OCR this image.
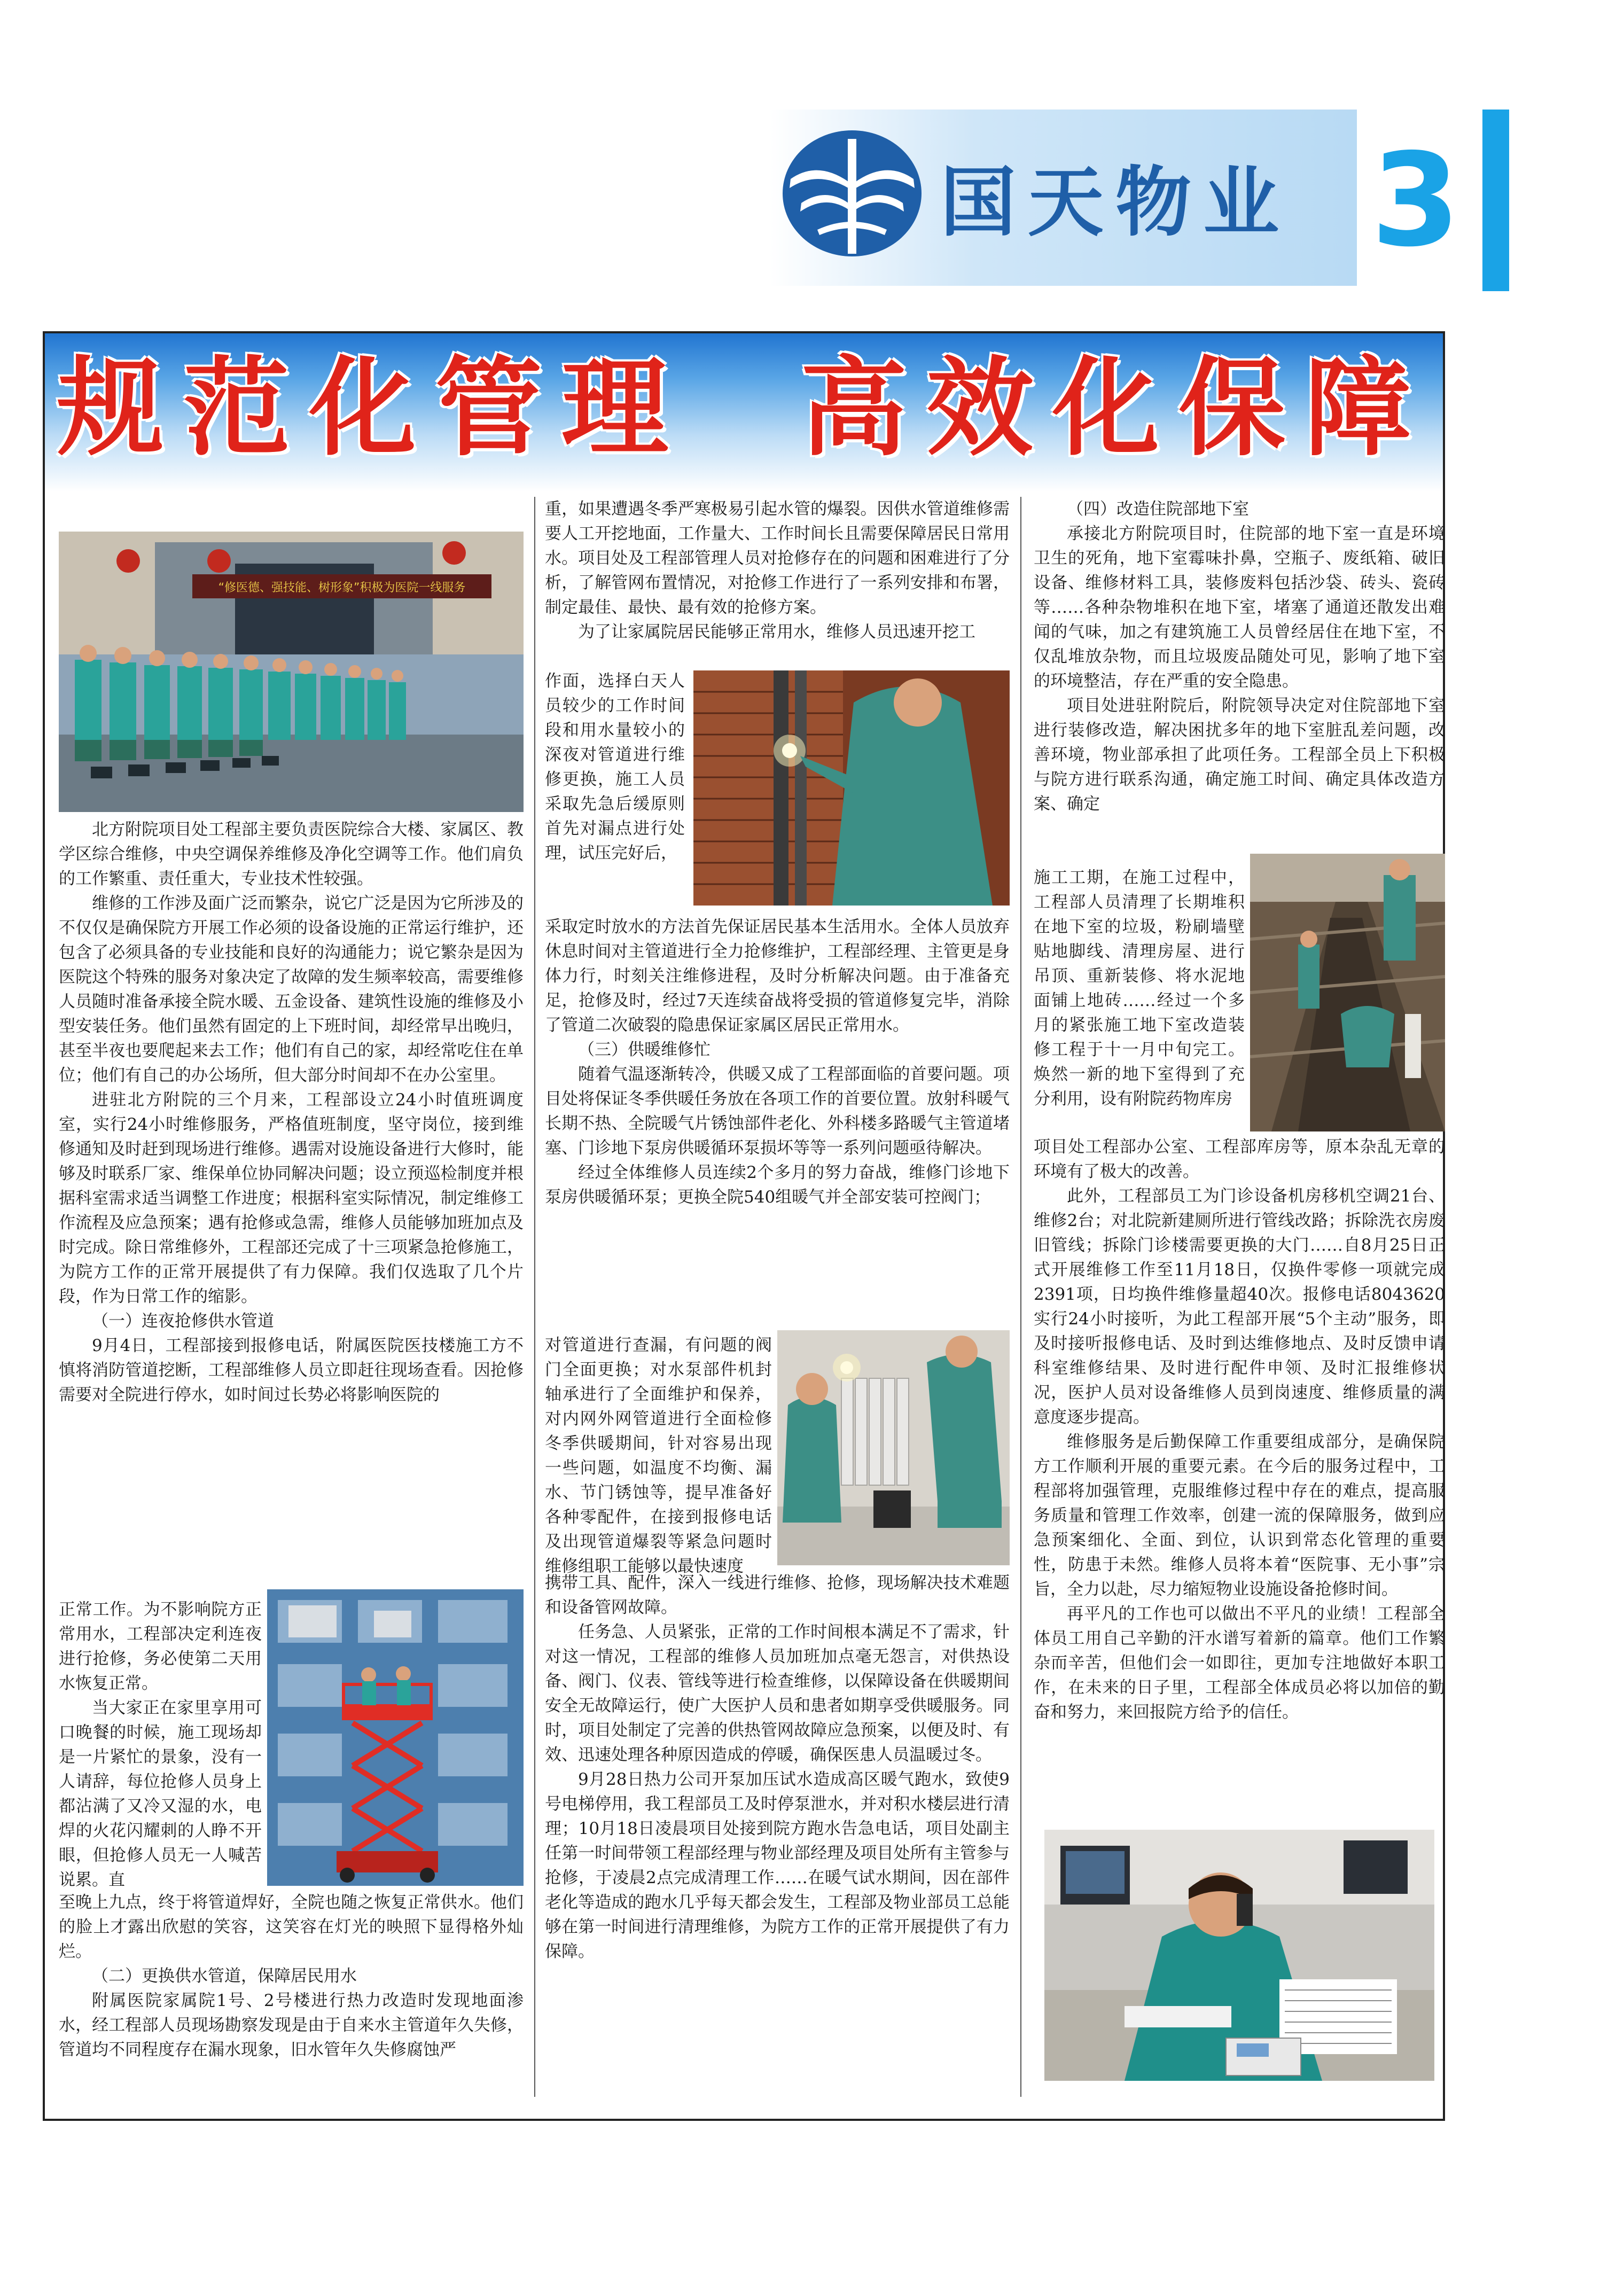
国天物业 3
规范化管理  高效化保障
“修医德、强技能、树形象”积极为医院一线服务

北方附院项目处工程部主要负责医院综合大楼、家属区、教学区综合维修，中央空调保养维修及净化空调等工作。他们肩负的工作繁重、责任重大，专业技术性较强。

维修的工作涉及面广泛而繁杂，说它广泛是因为它所涉及的不仅仅是确保院方开展工作必须的设备设施的正常运行维护，还包含了必须具备的专业技能和良好的沟通能力；说它繁杂是因为医院这个特殊的服务对象决定了故障的发生频率较高，需要维修人员随时准备承接全院水暖、五金设备、建筑性设施的维修及小型安装任务。他们虽然有固定的上下班时间，却经常早出晚归，甚至半夜也要爬起来去工作；他们有自己的家，却经常吃住在单位；他们有自己的办公场所，但大部分时间却不在办公室里。

进驻北方附院的三个月来，工程部设立24小时值班调度室，实行24小时维修服务，严格值班制度，坚守岗位，接到维修通知及时赶到现场进行维修。遇需对设施设备进行大修时，能够及时联系厂家、维保单位协同解决问题；设立预巡检制度并根据科室需求适当调整工作进度；根据科室实际情况，制定维修工作流程及应急预案；遇有抢修或急需，维修人员能够加班加点及时完成。除日常维修外，工程部还完成了十三项紧急抢修施工，为院方工作的正常开展提供了有力保障。我们仅选取了几个片段，作为日常工作的缩影。

（一）连夜抢修供水管道

9月4日，工程部接到报修电话，附属医院医技楼施工方不慎将消防管道挖断，工程部维修人员立即赶往现场查看。因抢修需要对全院进行停水，如时间过长势必将影响医院的

正常工作。为不影响院方正常用水，工程部决定利连夜进行抢修，务必使第二天用水恢复正常。

当大家正在家里享用可口晚餐的时候，施工现场却是一片紧忙的景象，没有一人请辞，每位抢修人员身上都沾满了又冷又湿的水，电焊的火花闪耀刺的人睁不开眼，但抢修人员无一人喊苦说累。直

至晚上九点，终于将管道焊好，全院也随之恢复正常供水。他们的脸上才露出欣慰的笑容，这笑容在灯光的映照下显得格外灿烂。

（二）更换供水管道，保障居民用水

附属医院家属院1号、2号楼进行热力改造时发现地面渗水，经工程部人员现场勘察发现是由于自来水主管道年久失修，管道均不同程度存在漏水现象，旧水管年久失修腐蚀严

重，如果遭遇冬季严寒极易引起水管的爆裂。因供水管道维修需要人工开挖地面，工作量大、工作时间长且需要保障居民日常用水。项目处及工程部管理人员对抢修存在的问题和困难进行了分析，了解管网布置情况，对抢修工作进行了一系列安排和布署，制定最佳、最快、最有效的抢修方案。

为了让家属院居民能够正常用水，维修人员迅速开挖工

作面，选择白天人员较少的工作时间段和用水量较小的深夜对管道进行维修更换，施工人员采取先急后缓原则首先对漏点进行处理，试压完好后，

采取定时放水的方法首先保证居民基本生活用水。全体人员放弃休息时间对主管道进行全力抢修维护，工程部经理、主管更是身体力行，时刻关注维修进程，及时分析解决问题。由于准备充足，抢修及时，经过7天连续奋战将受损的管道修复完毕，消除了管道二次破裂的隐患保证家属区居民正常用水。

（三）供暖维修忙

随着气温逐渐转冷，供暖又成了工程部面临的首要问题。项目处将保证冬季供暖任务放在各项工作的首要位置。放射科暖气长期不热、全院暖气片锈蚀部件老化、外科楼多路暖气主管道堵塞、门诊地下泵房供暖循环泵损坏等等一系列问题亟待解决。

经过全体维修人员连续2个多月的努力奋战，维修门诊地下泵房供暖循环泵；更换全院540组暖气并全部安装可控阀门；

对管道进行查漏，有问题的阀门全面更换；对水泵部件机封轴承进行了全面维护和保养，对内网外网管道进行全面检修冬季供暖期间，针对容易出现一些问题，如温度不均衡、漏水、节门锈蚀等，提早准备好各种零配件，在接到报修电话及出现管道爆裂等紧急问题时维修组职工能够以最快速度

携带工具、配件，深入一线进行维修、抢修，现场解决技术难题和设备管网故障。

任务急、人员紧张，正常的工作时间根本满足不了需求，针对这一情况，工程部的维修人员加班加点毫无怨言，对供热设备、阀门、仪表、管线等进行检查维修，以保障设备在供暖期间安全无故障运行，使广大医护人员和患者如期享受供暖服务。同时，项目处制定了完善的供热管网故障应急预案，以便及时、有效、迅速处理各种原因造成的停暖，确保医患人员温暖过冬。

9月28日热力公司开泵加压试水造成高区暖气跑水，致使9号电梯停用，我工程部员工及时停泵泄水，并对积水楼层进行清理；10月18日凌晨项目处接到院方跑水告急电话，项目处副主任第一时间带领工程部经理与物业部经理及项目处所有主管参与抢修，于凌晨2点完成清理工作……在暖气试水期间，因在部件老化等造成的跑水几乎每天都会发生，工程部及物业部员工总能够在第一时间进行清理维修，为院方工作的正常开展提供了有力保障。

（四）改造住院部地下室

承接北方附院项目时，住院部的地下室一直是环境卫生的死角，地下室霉味扑鼻，空瓶子、废纸箱、破旧设备、维修材料工具，装修废料包括沙袋、砖头、瓷砖等……各种杂物堆积在地下室，堵塞了通道还散发出难闻的气味，加之有建筑施工人员曾经居住在地下室，不仅乱堆放杂物，而且垃圾废品随处可见，影响了地下室的环境整洁，存在严重的安全隐患。

项目处进驻附院后，附院领导决定对住院部地下室进行装修改造，解决困扰多年的地下室脏乱差问题，改善环境，物业部承担了此项任务。工程部全员上下积极与院方进行联系沟通，确定施工时间、确定具体改造方案、确定

施工工期，在施工过程中，工程部人员清理了长期堆积在地下室的垃圾，粉刷墙壁贴地脚线、清理房屋、进行吊顶、重新装修、将水泥地面铺上地砖……经过一个多月的紧张施工地下室改造装修工程于十一月中旬完工。焕然一新的地下室得到了充分利用，设有附院药物库房

项目处工程部办公室、工程部库房等，原本杂乱无章的环境有了极大的改善。

此外，工程部员工为门诊设备机房移机空调21台、维修2台；对北院新建厕所进行管线改路；拆除洗衣房废旧管线；拆除门诊楼需要更换的大门……自8月25日正式开展维修工作至11月18日，仅换件零修一项就完成2391项，日均换件维修量超40次。报修电话8043620实行24小时接听，为此工程部开展“5个主动”服务，即及时接听报修电话、及时到达维修地点、及时反馈申请科室维修结果、及时进行配件申领、及时汇报维修状况，医护人员对设备维修人员到岗速度、维修质量的满意度逐步提高。

维修服务是后勤保障工作重要组成部分，是确保院方工作顺利开展的重要元素。在今后的服务过程中，工程部将加强管理，克服维修过程中存在的难点，提高服务质量和管理工作效率，创建一流的保障服务，做到应急预案细化、全面、到位，认识到常态化管理的重要性，防患于未然。维修人员将本着“医院事、无小事”宗旨，全力以赴，尽力缩短物业设施设备抢修时间。

再平凡的工作也可以做出不平凡的业绩！工程部全体员工用自己辛勤的汗水谱写着新的篇章。他们工作繁杂而辛苦，但他们会一如即往，更加专注地做好本职工作，在未来的日子里，工程部全体成员必将以加倍的勤奋和努力，来回报院方给予的信任。
